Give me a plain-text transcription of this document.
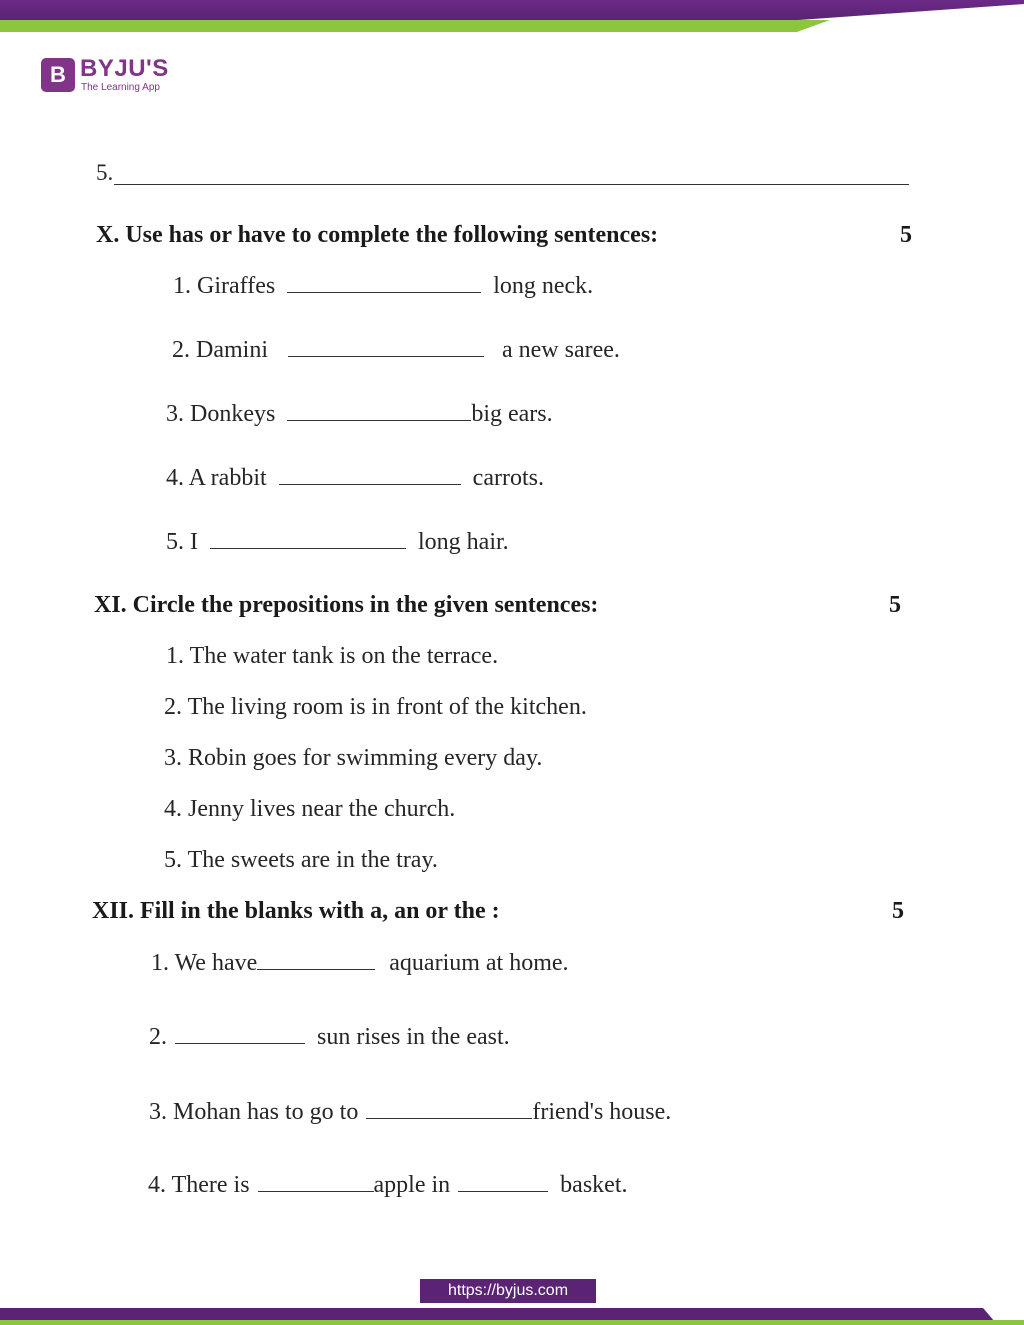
B BYJU'S
The Learning App
5.
X. Use has or have to complete the following sentences:	5
1. Giraffes	long neck.
2. Damini	a new saree.
3. Donkeys	big ears.
4. A rabbit	carrots.
5. I	long hair.
XI. Circle the prepositions in the given sentences:	5
1. The water tank is on the terrace.
2. The living room is in front of the kitchen.
3. Robin goes for swimming every day.
4. Jenny lives near the church.
5. The sweets are in the tray.
XII. Fill in the blanks with a, an or the :	5
1. We have	aquarium at home.
2.	sun rises in the east.
3. Mohan has to go to	friend's house.
4. There is	apple in	basket.
https://byjus.com
